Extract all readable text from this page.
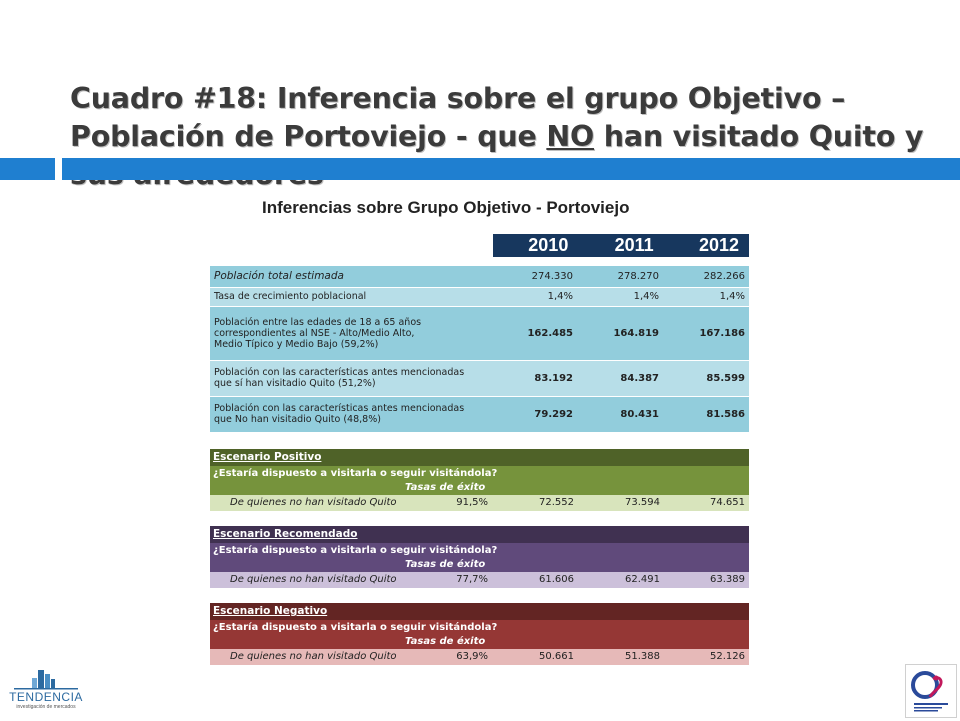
Cuadro #18: Inferencia sobre el grupo Objetivo – Población de Portoviejo - que NO han visitado Quito y
Inferencias sobre Grupo Objetivo - Portoviejo
2010	2011	2012
Población total estimada	274.330	278.270	282.266
Tasa de crecimiento poblacional	1,4%	1,4%	1,4%

Población entre las edades de 18 a 65 años
correspondientes al NSE - Alto/Medio Alto,
Medio Típico y Medio Bajo (59,2%)	162.485	164.819	167.186

Población con las características antes mencionadas
que sí han visitadio Quito (51,2%)	83.192	84.387	85.599

Población con las características antes mencionadas
que No han visitadio Quito (48,8%)	79.292	80.431	81.586
Escenario Positivo
¿Estaría dispuesto a visitarla o seguir visitándola?
Tasas de éxito
De quienes no han visitado Quito	91,5%	72.552	73.594	74.651
Escenario Recomendado
¿Estaría dispuesto a visitarla o seguir visitándola?
Tasas de éxito
De quienes no han visitado Quito	77,7%	61.606	62.491	63.389
Escenario Negativo
¿Estaría dispuesto a visitarla o seguir visitándola?
Tasas de éxito
De quienes no han visitado Quito	63,9%	50.661	51.388	52.126
TENDENCIA
investigación de mercados
